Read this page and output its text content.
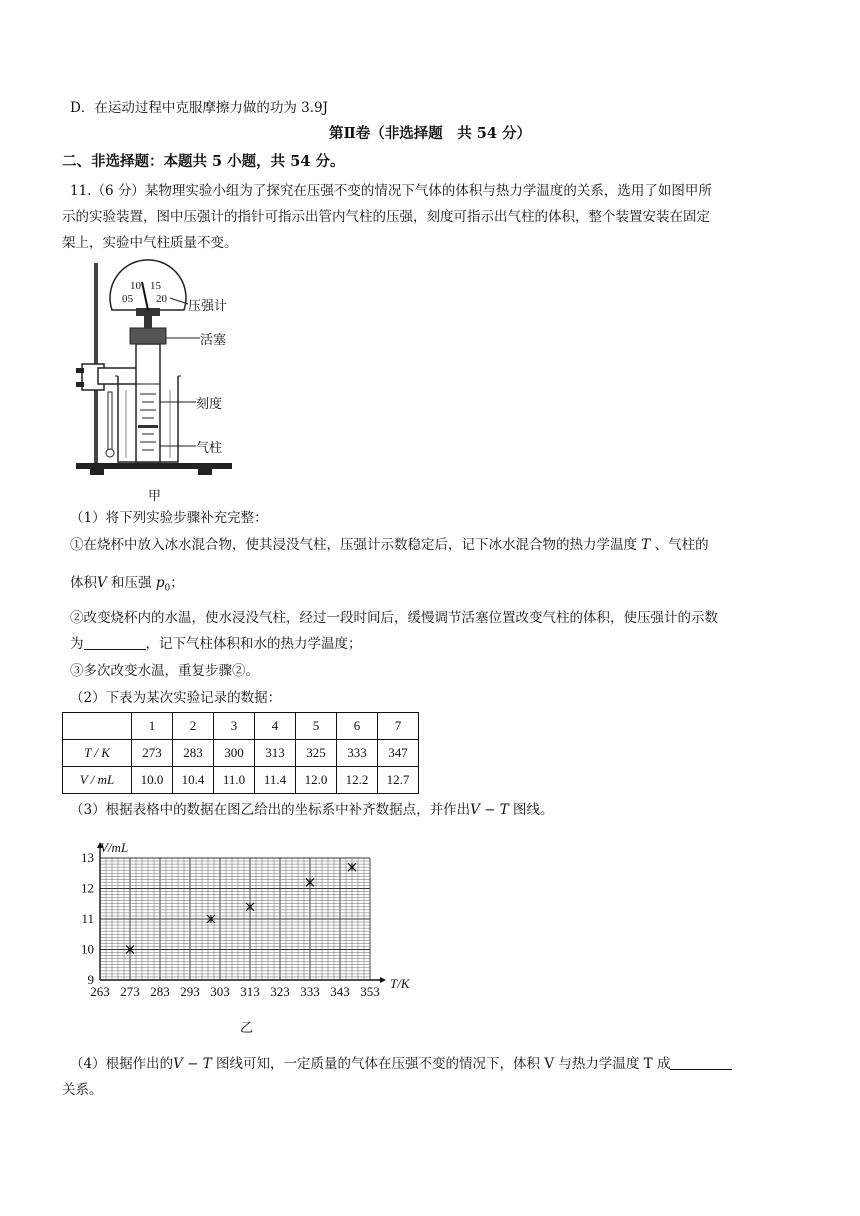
D．在运动过程中克服摩擦力做的功为 3.9J
第Ⅱ卷（非选择题　共 54 分）
二、非选择题：本题共 5 小题，共 54 分。
11.（6 分）某物理实验小组为了探究在压强不变的情况下气体的体积与热力学温度的关系，选用了如图甲所
示的实验装置，图中压强计的指针可指示出管内气柱的压强，刻度可指示出气柱的体积，整个装置安装在固定
架上，实验中气柱质量不变。
10 15
05 20 压强计
活塞
刻度
气柱
甲
（1）将下列实验步骤补充完整：
①在烧杯中放入冰水混合物，使其浸没气柱，压强计示数稳定后，记下冰水混合物的热力学温度 T 、气柱的
体积V 和压强 $p_0$；
②改变烧杯内的水温，使水浸没气柱，经过一段时间后，缓慢调节活塞位置改变气柱的体积，使压强计的示数
为	，记下气柱体积和水的热力学温度；
③多次改变水温，重复步骤②。
（2）下表为某次实验记录的数据：
	1	2	3	4	5	6	7
T / K	273	283	300	313	325	333	347
V / mL	10.0	10.4	11.0	11.4	12.0	12.2	12.7
（3）根据表格中的数据在图乙给出的坐标系中补齐数据点，并作出V − T 图线。
263 273 283 293 303 313 323 333 343 353
9
10
11
12
13
V/mL
T/K
乙
（4）根据作出的V − T 图线可知，一定质量的气体在压强不变的情况下，体积 V 与热力学温度 T 成
关系。
